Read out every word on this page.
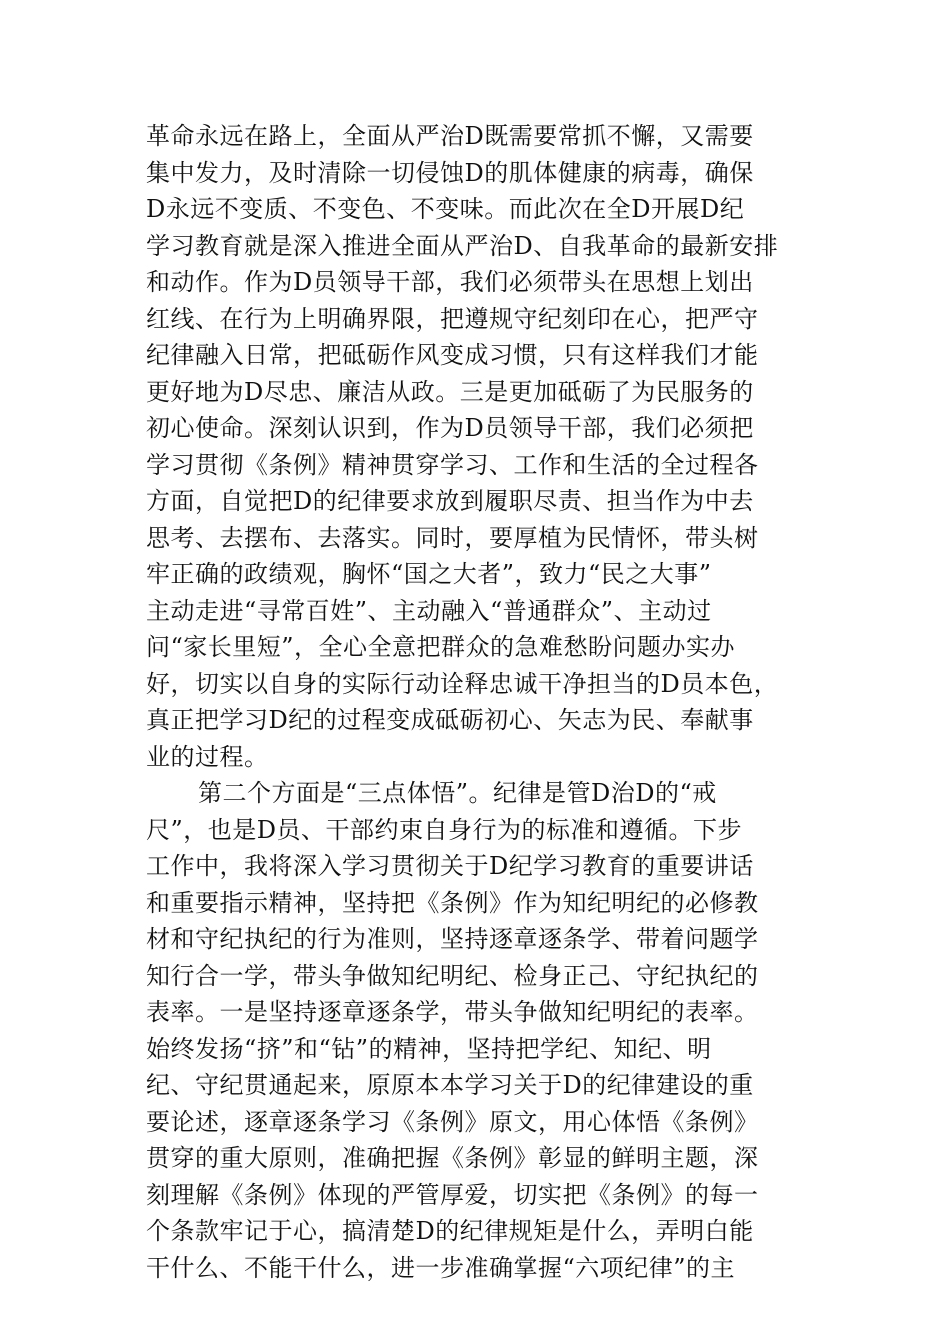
革命永远在路上，全面从严治D既需要常抓不懈，又需要
集中发力，及时清除一切侵蚀D的肌体健康的病毒，确保
D永远不变质、不变色、不变味。而此次在全D开展D纪
学习教育就是深入推进全面从严治D、自我革命的最新安排
和动作。作为D员领导干部，我们必须带头在思想上划出
红线、在行为上明确界限，把遵规守纪刻印在心，把严守
纪律融入日常，把砥砺作风变成习惯，只有这样我们才能
更好地为D尽忠、廉洁从政。三是更加砥砺了为民服务的
初心使命。深刻认识到，作为D员领导干部，我们必须把
学习贯彻《条例》精神贯穿学习、工作和生活的全过程各
方面，自觉把D的纪律要求放到履职尽责、担当作为中去
思考、去摆布、去落实。同时，要厚植为民情怀，带头树
牢正确的政绩观，胸怀“国之大者”，致力“民之大事”
主动走进“寻常百姓”、主动融入“普通群众”、主动过
问“家长里短”，全心全意把群众的急难愁盼问题办实办
好，切实以自身的实际行动诠释忠诚干净担当的D员本色，
真正把学习D纪的过程变成砥砺初心、矢志为民、奉献事
业的过程。
第二个方面是“三点体悟”。纪律是管D治D的“戒
尺”，也是D员、干部约束自身行为的标准和遵循。下步
工作中，我将深入学习贯彻关于D纪学习教育的重要讲话
和重要指示精神，坚持把《条例》作为知纪明纪的必修教
材和守纪执纪的行为准则，坚持逐章逐条学、带着问题学
知行合一学，带头争做知纪明纪、检身正己、守纪执纪的
表率。一是坚持逐章逐条学，带头争做知纪明纪的表率。
始终发扬“挤”和“钻”的精神，坚持把学纪、知纪、明
纪、守纪贯通起来，原原本本学习关于D的纪律建设的重
要论述，逐章逐条学习《条例》原文，用心体悟《条例》
贯穿的重大原则，准确把握《条例》彰显的鲜明主题，深
刻理解《条例》体现的严管厚爱，切实把《条例》的每一
个条款牢记于心，搞清楚D的纪律规矩是什么，弄明白能
干什么、不能干什么，进一步准确掌握“六项纪律”的主
